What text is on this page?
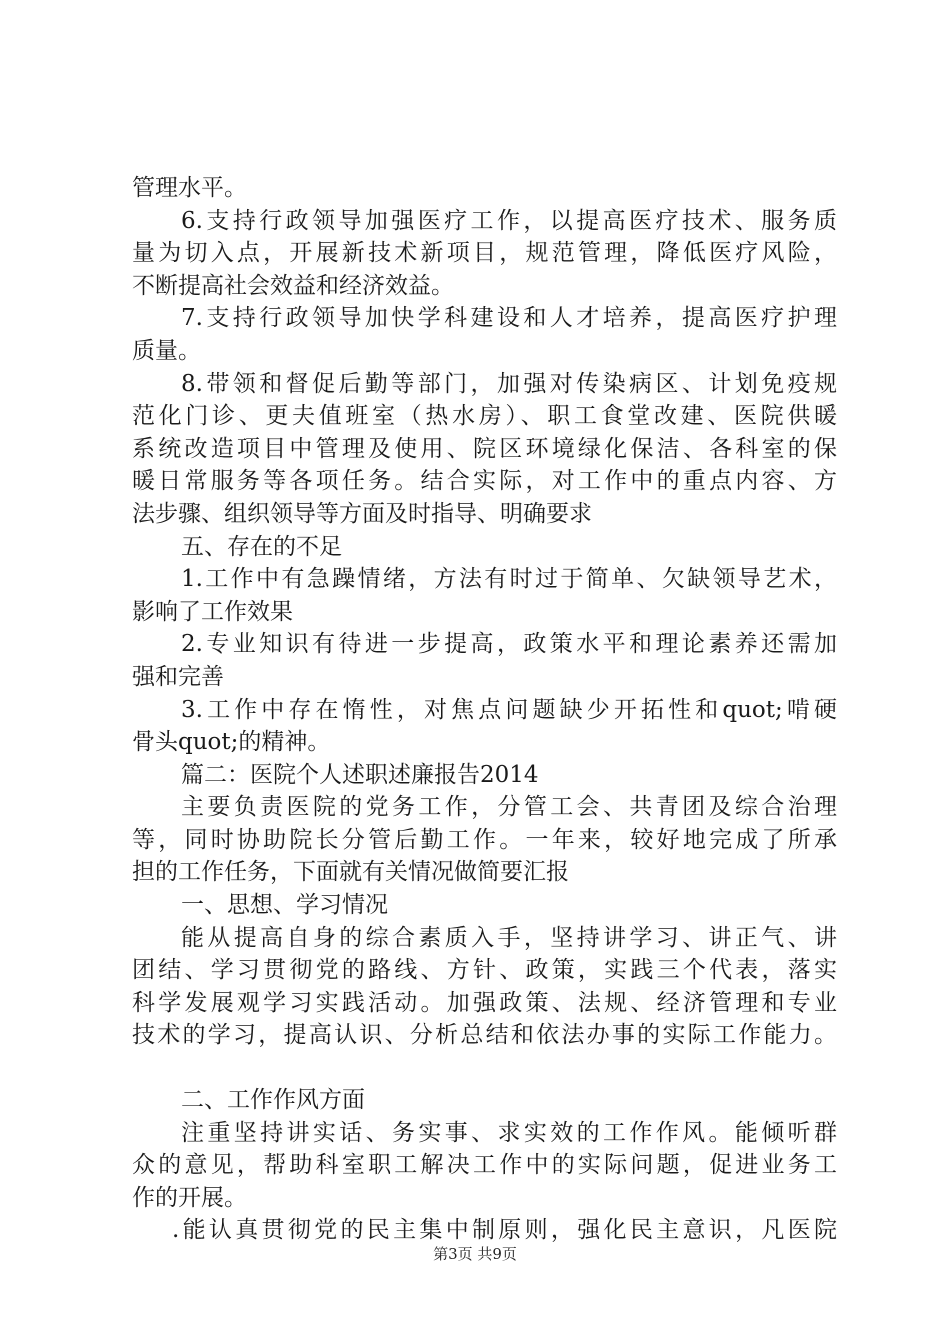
管理水平。
6.支持行政领导加强医疗工作，以提高医疗技术、服务质
量为切入点，开展新技术新项目，规范管理，降低医疗风险，
不断提高社会效益和经济效益。
7.支持行政领导加快学科建设和人才培养，提高医疗护理
质量。
8.带领和督促后勤等部门，加强对传染病区、计划免疫规
范化门诊、更夫值班室（热水房）、职工食堂改建、医院供暖
系统改造项目中管理及使用、院区环境绿化保洁、各科室的保
暖日常服务等各项任务。结合实际，对工作中的重点内容、方
法步骤、组织领导等方面及时指导、明确要求
五、存在的不足
1.工作中有急躁情绪，方法有时过于简单、欠缺领导艺术，
影响了工作效果
2.专业知识有待进一步提高，政策水平和理论素养还需加
强和完善
3.工作中存在惰性，对焦点问题缺少开拓性和quot;啃硬
骨头quot;的精神。
篇二：医院个人述职述廉报告2014
主要负责医院的党务工作，分管工会、共青团及综合治理
等，同时协助院长分管后勤工作。一年来，较好地完成了所承
担的工作任务，下面就有关情况做简要汇报
一、思想、学习情况
能从提高自身的综合素质入手，坚持讲学习、讲正气、讲
团结、学习贯彻党的路线、方针、政策，实践三个代表，落实
科学发展观学习实践活动。加强政策、法规、经济管理和专业
技术的学习，提高认识、分析总结和依法办事的实际工作能力。
二、工作作风方面
注重坚持讲实话、务实事、求实效的工作作风。能倾听群
众的意见，帮助科室职工解决工作中的实际问题，促进业务工
作的开展。
.能认真贯彻党的民主集中制原则，强化民主意识，凡医院
第3页 共9页
